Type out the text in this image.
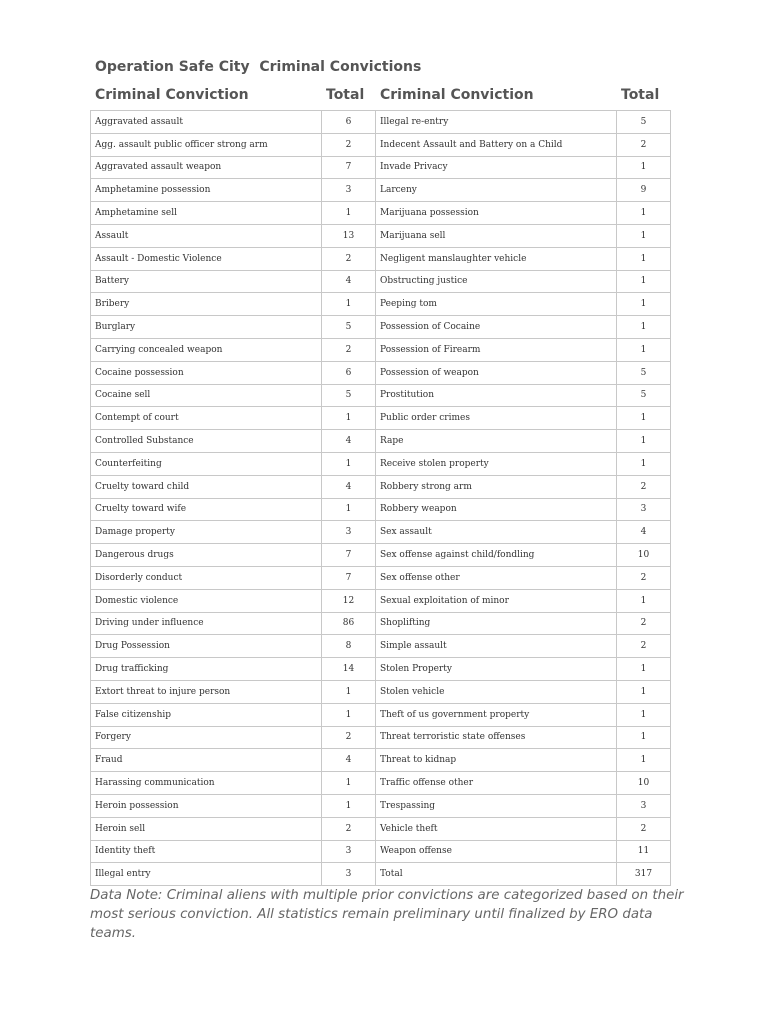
Operation Safe City  Criminal Convictions
Criminal Conviction	Total Criminal Conviction	Total
Aggravated assault	6	Illegal re-entry	5
Agg. assault public officer strong arm	2	Indecent Assault and Battery on a Child	2
Aggravated assault weapon	7	Invade Privacy	1
Amphetamine possession	3	Larceny	9
Amphetamine sell	1	Marijuana possession	1
Assault	13	Marijuana sell	1
Assault - Domestic Violence	2	Negligent manslaughter vehicle	1
Battery	4	Obstructing justice	1
Bribery	1	Peeping tom	1
Burglary	5	Possession of Cocaine	1
Carrying concealed weapon	2	Possession of Firearm	1
Cocaine possession	6	Possession of weapon	5
Cocaine sell	5	Prostitution	5
Contempt of court	1	Public order crimes	1
Controlled Substance	4	Rape	1
Counterfeiting	1	Receive stolen property	1
Cruelty toward child	4	Robbery strong arm	2
Cruelty toward wife	1	Robbery weapon	3
Damage property	3	Sex assault	4
Dangerous drugs	7	Sex offense against child/fondling	10
Disorderly conduct	7	Sex offense other	2
Domestic violence	12	Sexual exploitation of minor	1
Driving under influence	86	Shoplifting	2
Drug Possession	8	Simple assault	2
Drug trafficking	14	Stolen Property	1
Extort threat to injure person	1	Stolen vehicle	1
False citizenship	1	Theft of us government property	1
Forgery	2	Threat terroristic state offenses	1
Fraud	4	Threat to kidnap	1
Harassing communication	1	Traffic offense other	10
Heroin possession	1	Trespassing	3
Heroin sell	2	Vehicle theft	2
Identity theft	3	Weapon offense	11
Illegal entry	3	Total	317
Data Note: Criminal aliens with multiple prior convictions are categorized based on their most serious conviction. All statistics remain preliminary until finalized by ERO data teams.
